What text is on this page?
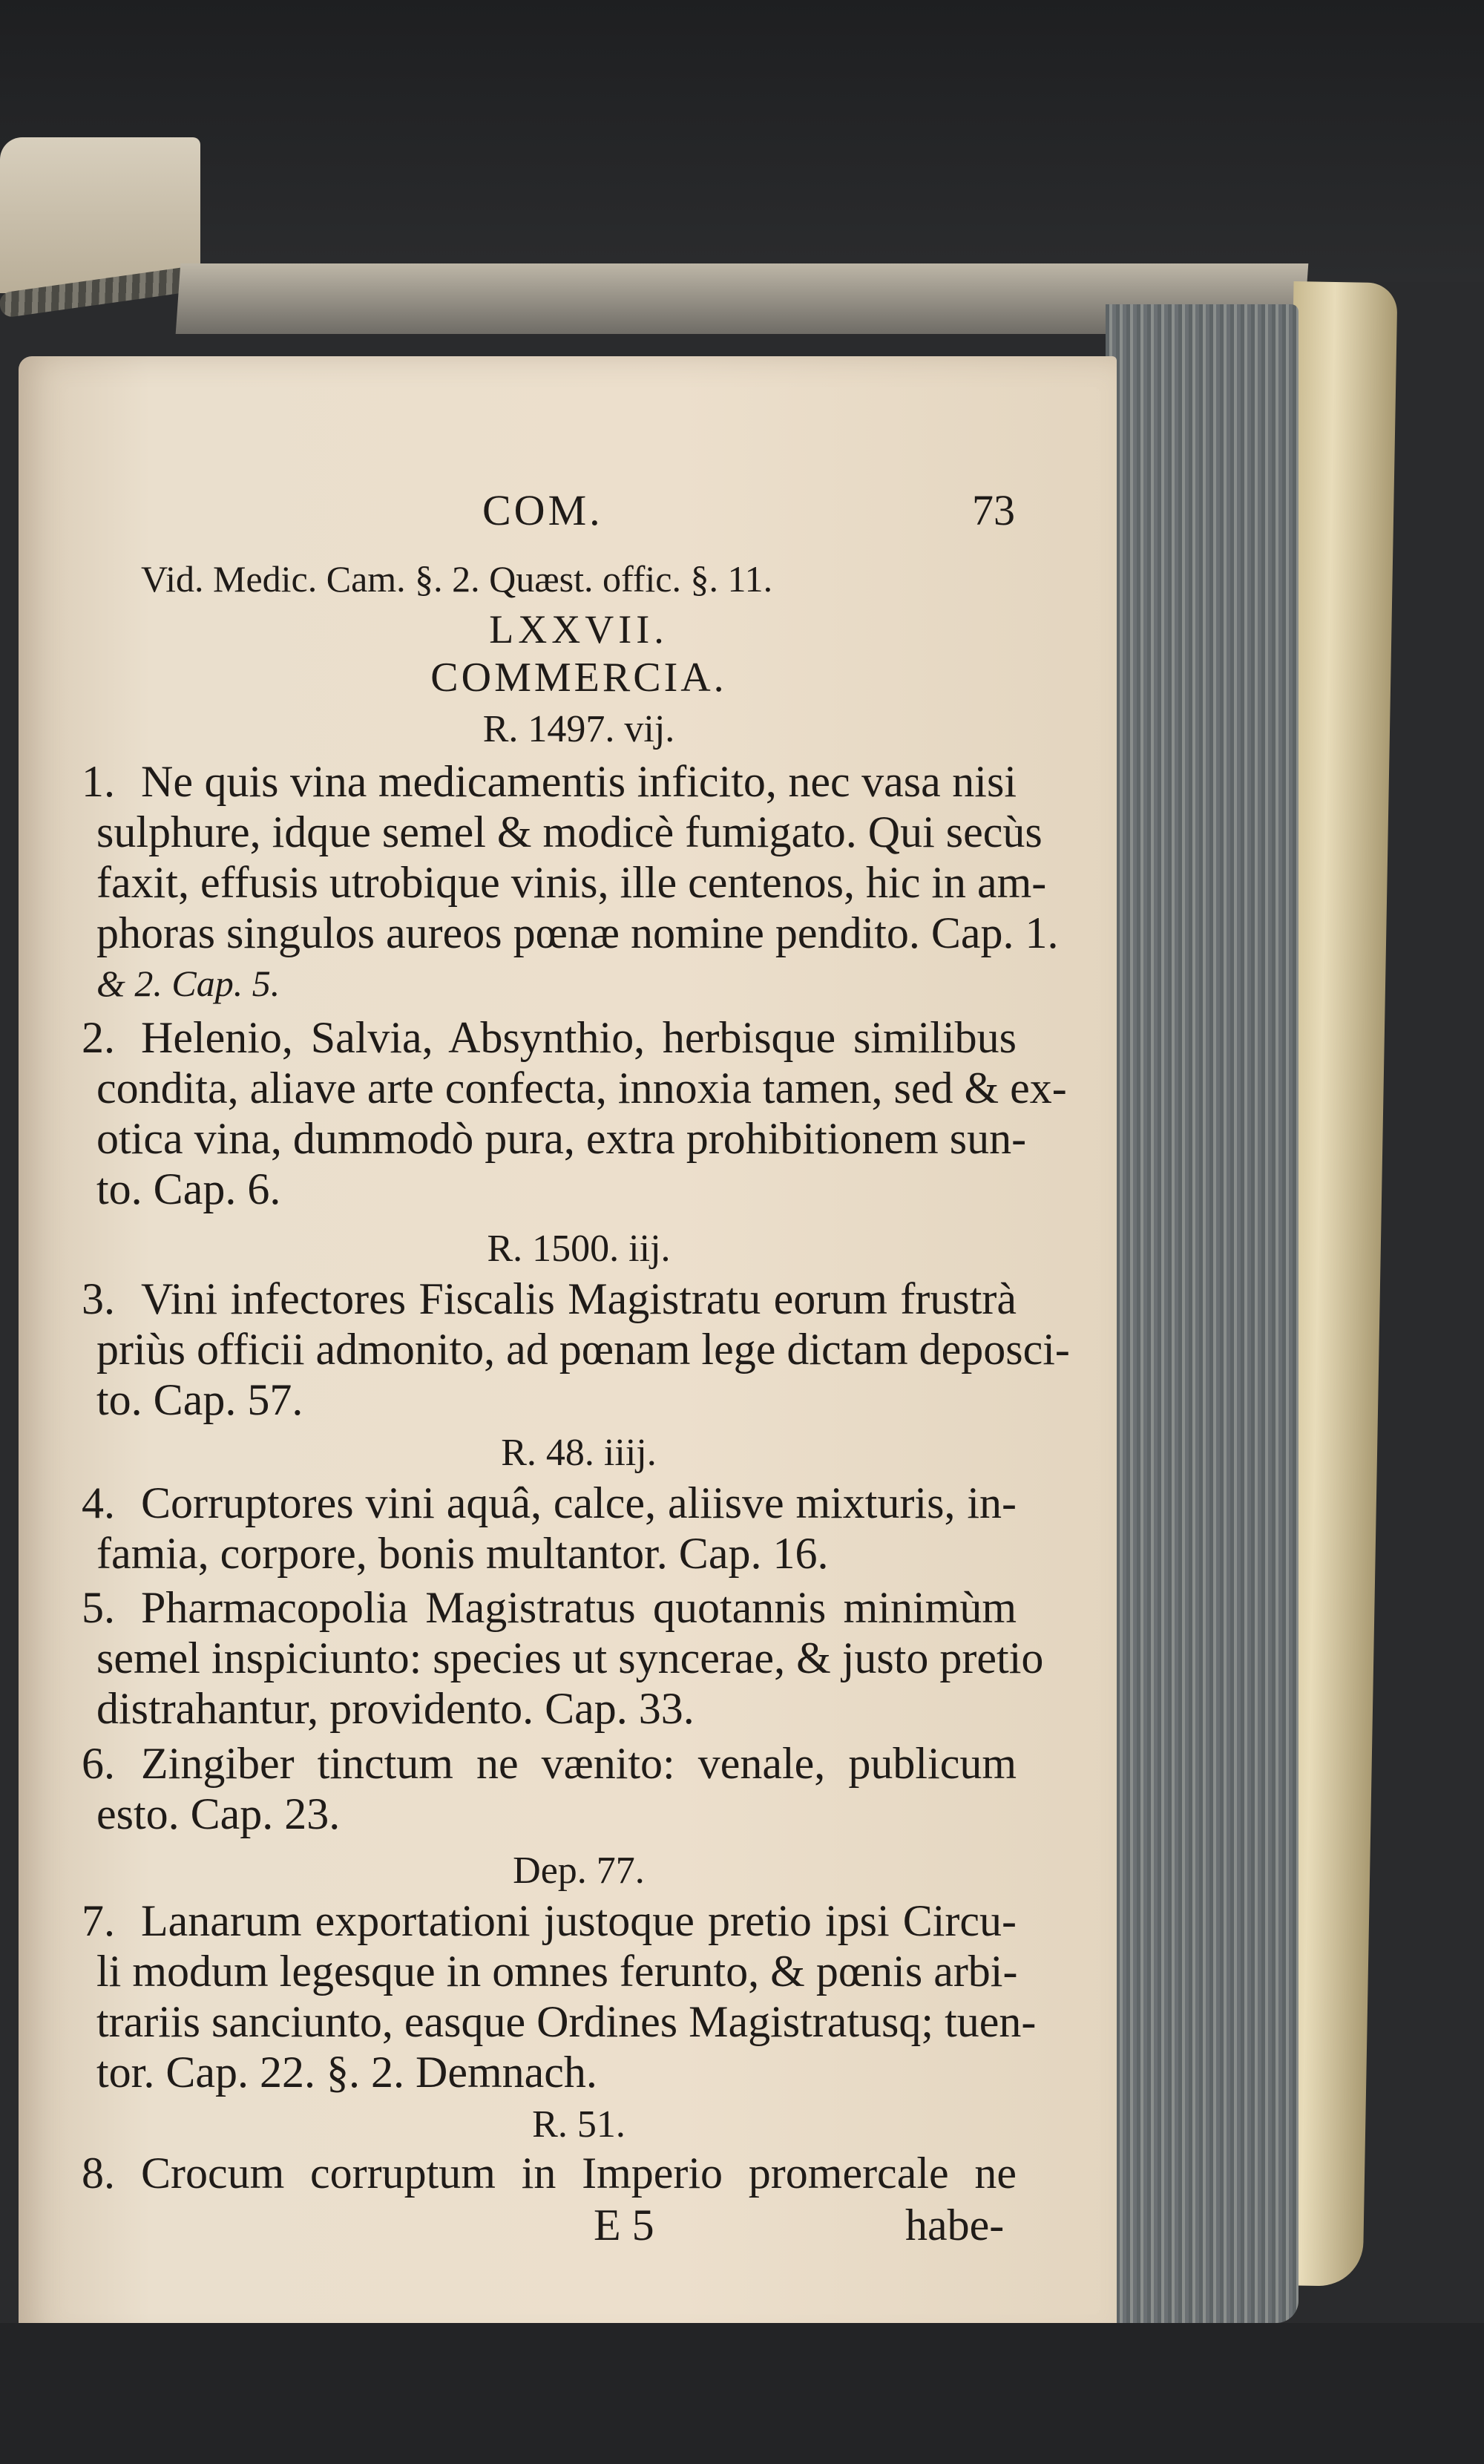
COM.	73
Vid. Medic. Cam. §. 2. Quæst. offic. §. 11.
LXXVII.
COMMERCIA.
R. 1497. vij.
1. Ne quis vina medicamentis inficito, nec vasa nisi
sulphure, idque semel & modicè fumigato. Qui secùs
faxit, effusis utrobique vinis, ille centenos, hic in am-
phoras singulos aureos pœnæ nomine pendito. Cap. 1.
& 2. Cap. 5.
2. Helenio, Salvia, Absynthio, herbisque similibus
condita, aliave arte confecta, innoxia tamen, sed & ex-
otica vina, dummodò pura, extra prohibitionem sun-
to. Cap. 6.
R. 1500. iij.
3. Vini infectores Fiscalis Magistratu eorum frustrà
priùs officii admonito, ad pœnam lege dictam deposci-
to. Cap. 57.
R. 48. iiij.
4. Corruptores vini aquâ, calce, aliisve mixturis, in-
famia, corpore, bonis multantor. Cap. 16.
5. Pharmacopolia Magistratus quotannis minimùm
semel inspiciunto: species ut syncerae, & justo pretio
distrahantur, providento. Cap. 33.
6. Zingiber tinctum ne vænito: venale, publicum
esto. Cap. 23.
Dep. 77.
7. Lanarum exportationi justoque pretio ipsi Circu-
li modum legesque in omnes ferunto, & pœnis arbi-
trariis sanciunto, easque Ordines Magistratusq; tuen-
tor. Cap. 22. §. 2. Demnach.
R. 51.
8. Crocum corruptum in Imperio promercale ne
E 5	habe-
